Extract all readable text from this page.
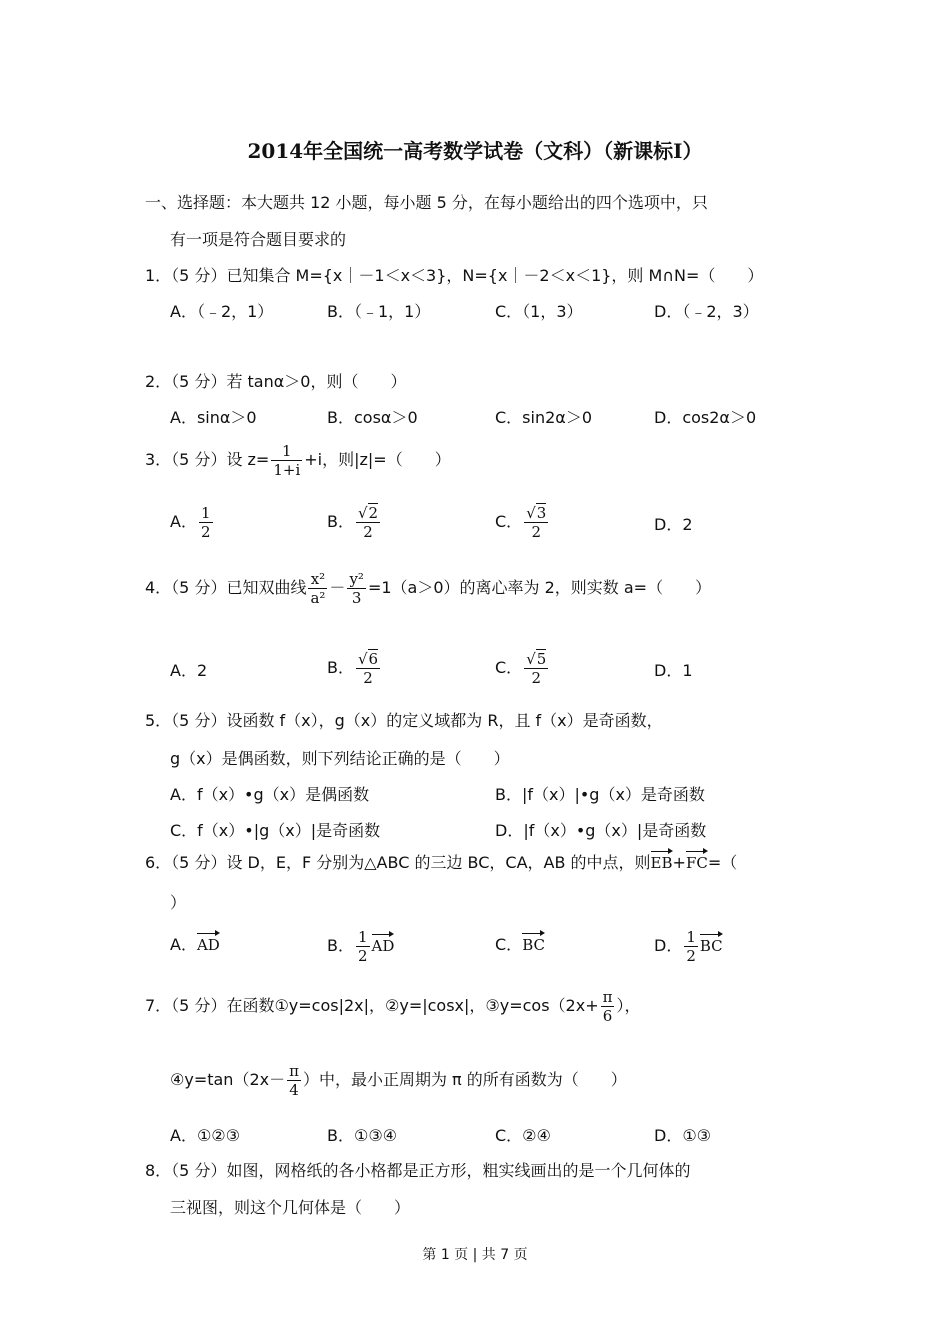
2014年全国统一高考数学试卷（文科）（新课标Ⅰ）
一、选择题：本大题共 12 小题，每小题 5 分，在每小题给出的四个选项中，只
有一项是符合题目要求的
1．（5 分）已知集合 M={x｜－1＜x＜3}，N={x｜－2＜x＜1}，则 M∩N=（　　）
A．（﹣2，1）	B．（﹣1，1）	C．（1，3）	D．（﹣2，3）
2．（5 分）若 tanα＞0，则（　　）
A．sinα＞0	B．cosα＞0	C．sin2α＞0	D．cos2α＞0
3．（5 分）设 $z= \frac{1}{1+i} +i$，则|z|=（　　）
A． $\frac{1}{2}$	B． $\frac{√2}{2}$	C． $\frac{√3}{2}$	D．2
4．（5 分）已知双曲线 $\frac{\text{x²}}{\text{a²}} - \frac{\text{y²}}{3} =1(a>0)$的离心率为 2，则实数 a=（　　）
A．2	B． $\frac{√6}{2}$	C． $\frac{√5}{2}$	D．1
5．（5 分）设函数 f（x），g（x）的定义域都为 R，且 f（x）是奇函数，
g（x）是偶函数，则下列结论正确的是（　　）
A．f（x）•g（x）是偶函数	B．|f（x）|•g（x）是奇函数
C．f（x）•|g（x）|是奇函数	D．|f（x）•g（x）|是奇函数
6．（5 分）设 D，E，F 分别为△ABC 的三边 BC，CA，AB 的中点，则EB+FC=（
）
A．AD	B． $\frac{1}{2}$ AD	C．BC	D． $\frac{1}{2}$ BC
7．（5 分）在函数①y=cos|2x|，②y=|cosx|，③y=cos（2x+ $\frac{\pi}{6}$ ），
④y=tan（2x－ $\frac{\pi}{4}$ ）中，最小正周期为 π 的所有函数为（　　）
A．①②③	B．①③④	C．②④	D．①③
8．（5 分）如图，网格纸的各小格都是正方形，粗实线画出的是一个几何体的
三视图，则这个几何体是（　　）
第 1 页 | 共 7 页
